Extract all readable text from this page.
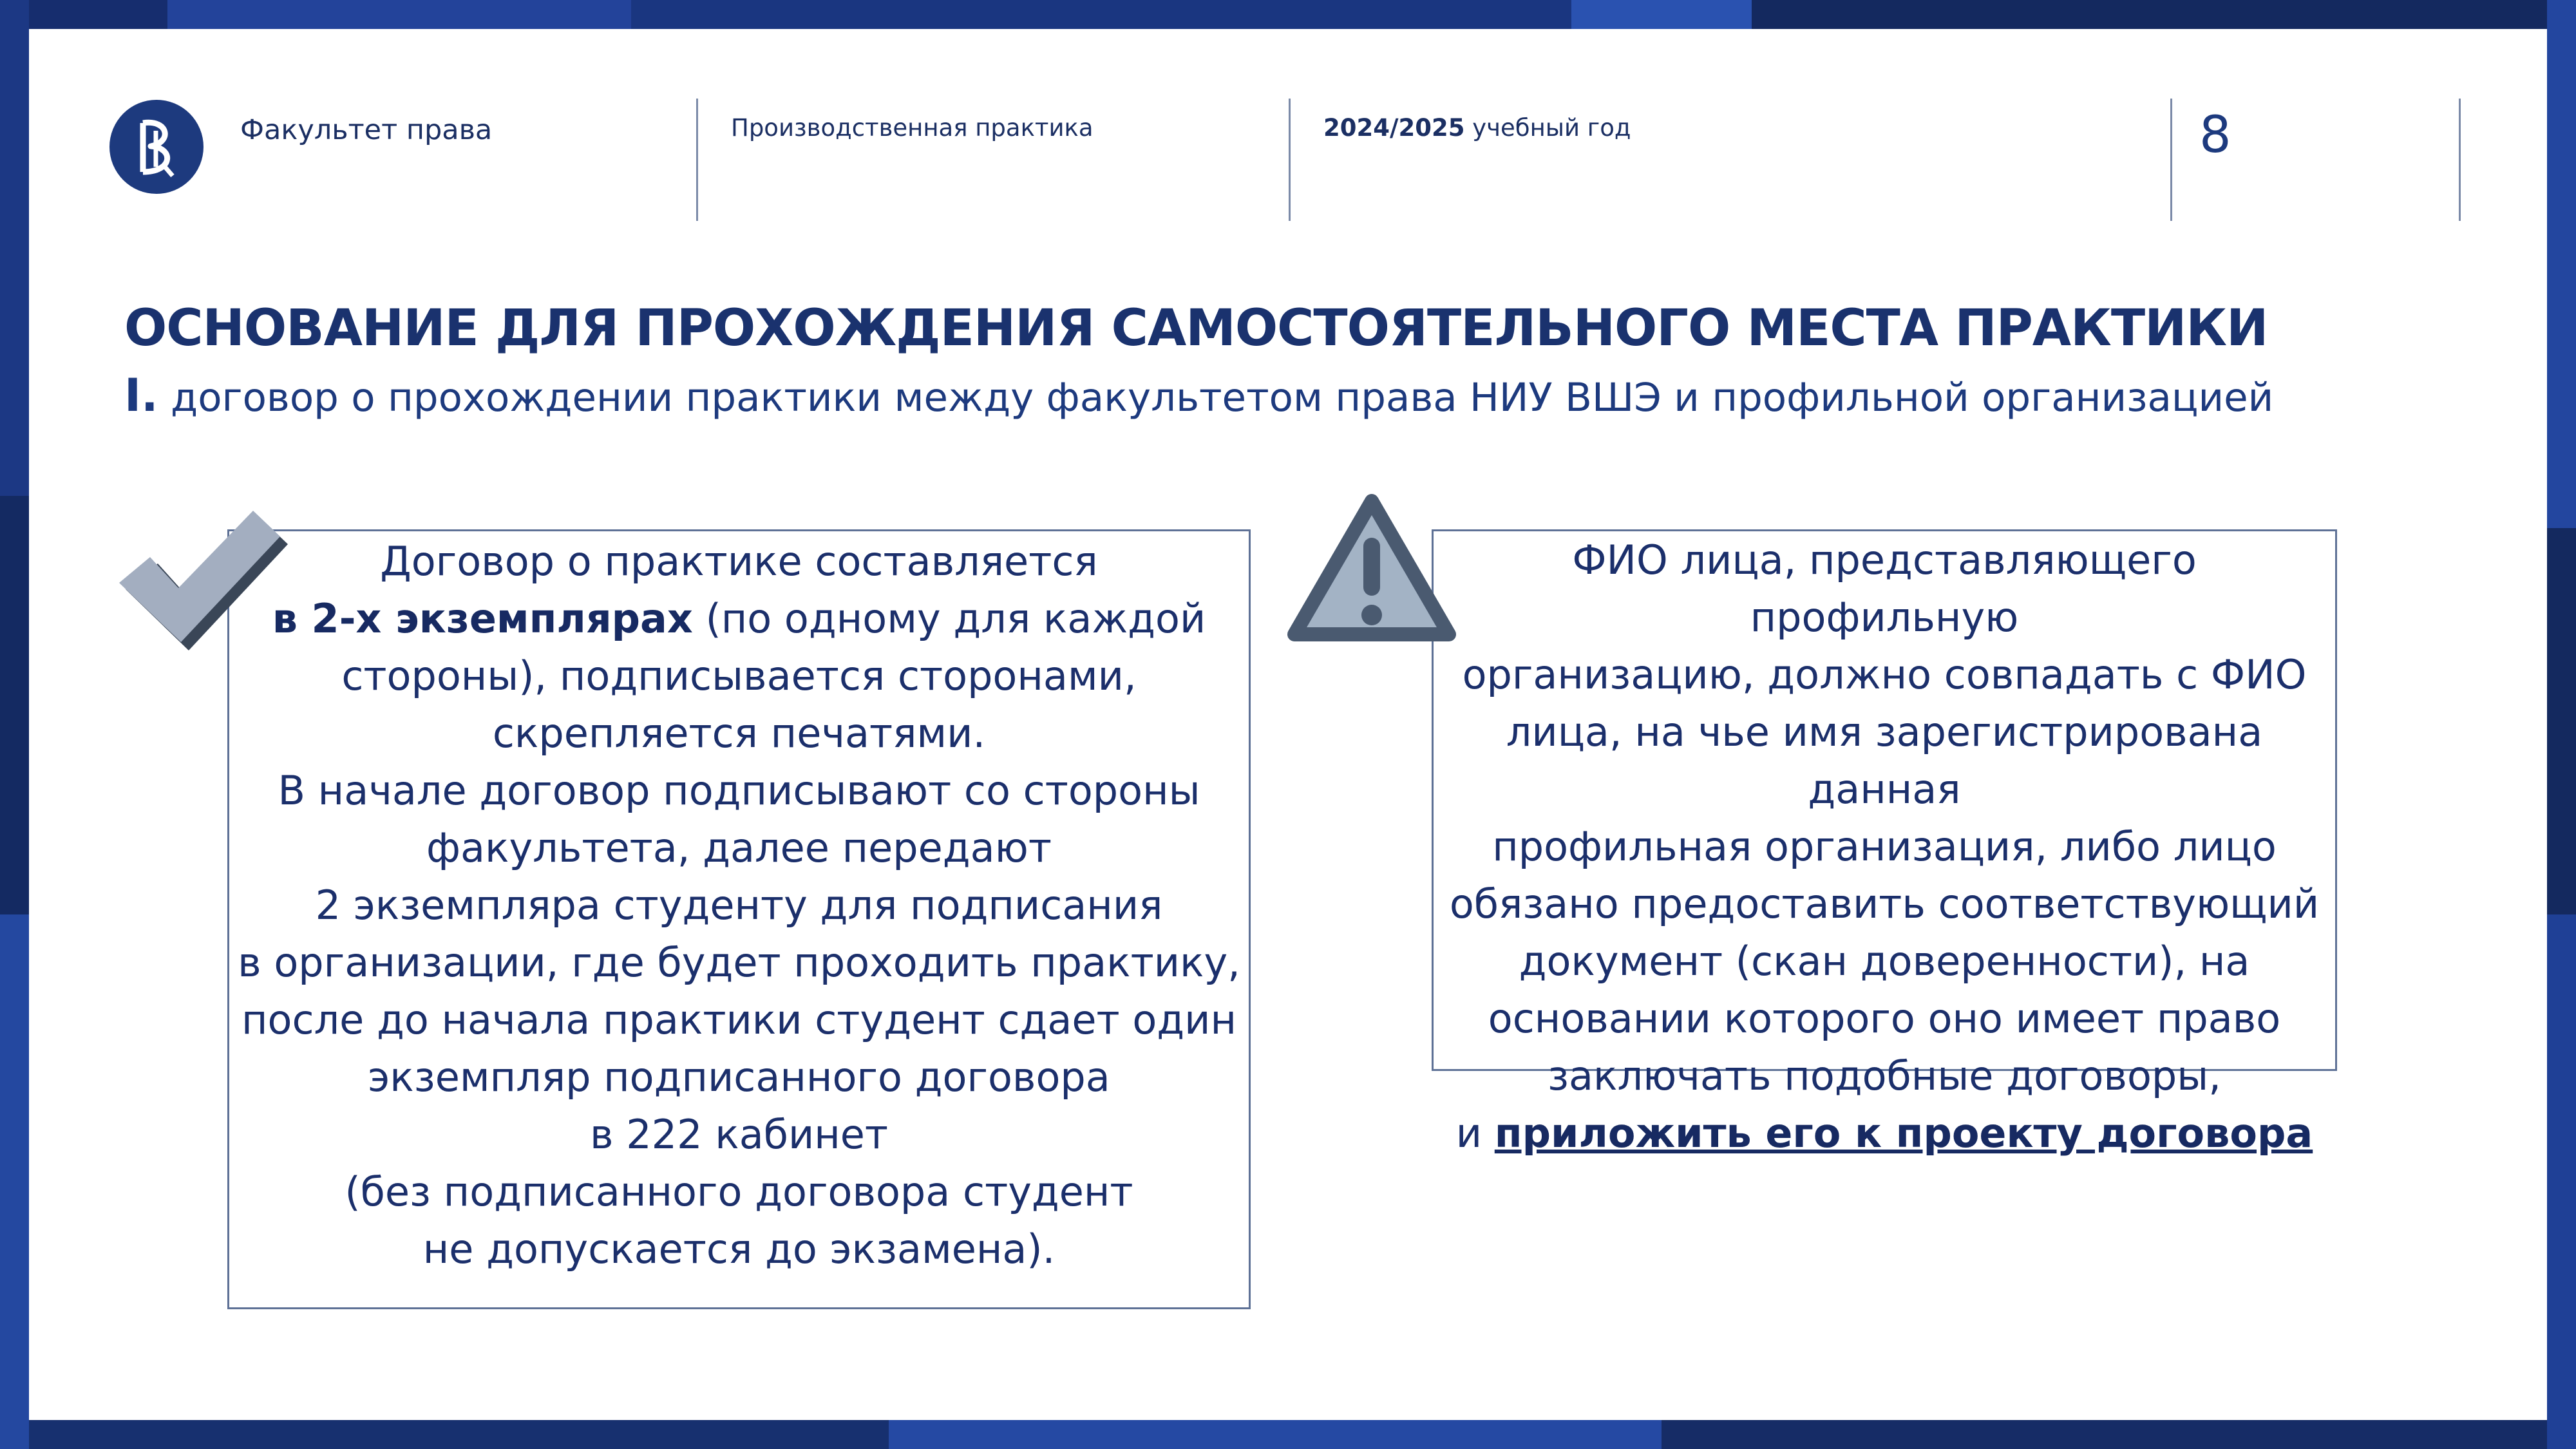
Факультет права	Производственная практика	2024/2025 учебный год	8
ОСНОВАНИЕ ДЛЯ ПРОХОЖДЕНИЯ САМОСТОЯТЕЛЬНОГО МЕСТА ПРАКТИКИ
I. договор о прохождении практики между факультетом права НИУ ВШЭ и профильной организацией

Договор о практике составляется

в 2-х экземплярах (по одному для каждой

стороны), подписывается сторонами,

скрепляется печатями.

В начале договор подписывают со стороны

факультета, далее передают

2 экземпляра студенту для подписания

в организации, где будет проходить практику,

после до начала практики студент сдает один

экземпляр подписанного договора

в 222 кабинет

(без подписанного договора студент

не допускается до экзамена).

ФИО лица, представляющего профильную

организацию, должно совпадать с ФИО

лица, на чье имя зарегистрирована данная

профильная организация, либо лицо

обязано предоставить соответствующий

документ (скан доверенности), на

основании которого оно имеет право

заключать подобные договоры,

и приложить его к проекту договора
